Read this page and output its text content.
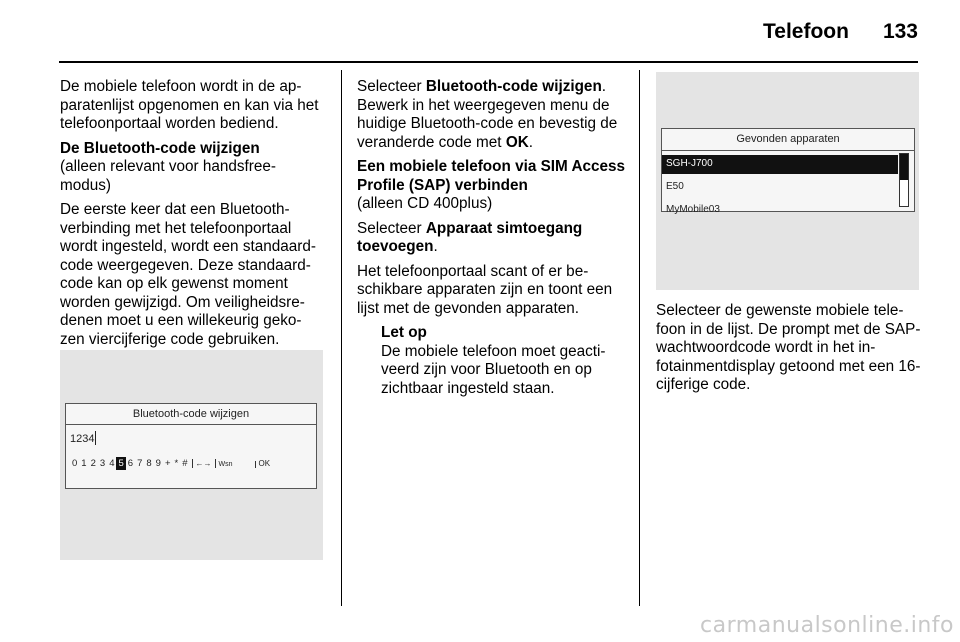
Telefoon 133

De mobiele telefoon wordt in de ap-paratenlijst opgenomen en kan via het telefoonportaal worden bediend.

De Bluetooth-code wijzigen

(alleen relevant voor handsfree-modus)

De eerste keer dat een Bluetooth-verbinding met het telefoonportaal wordt ingesteld, wordt een standaard-code weergegeven. Deze standaard-code kan op elk gewenst moment worden gewijzigd. Om veiligheidsre-denen moet u een willekeurig geko-zen viercijferige code gebruiken.

Bluetooth-code wijzigen
1234
0 1 2 3 4 5 6 7 8 9 + * # ←→ Wsn	OK

Selecteer Bluetooth-code wijzigen.
Bewerk in het weergegeven menu de huidige Bluetooth-code en bevestig de veranderde code met OK.

Een mobiele telefoon via SIM Access Profile (SAP) verbinden

(alleen CD 400plus)

Selecteer Apparaat simtoegang toevoegen.

Het telefoonportaal scant of er be-schikbare apparaten zijn en toont een lijst met de gevonden apparaten.

Let op
De mobiele telefoon moet geacti-veerd zijn voor Bluetooth en op zichtbaar ingesteld staan.
Gevonden apparaten
SGH-J700
E50
MyMobile03

Selecteer de gewenste mobiele tele-foon in de lijst. De prompt met de SAP-wachtwoordcode wordt in het in-fotainmentdisplay getoond met een 16-cijferige code.

carmanualsonline.info
